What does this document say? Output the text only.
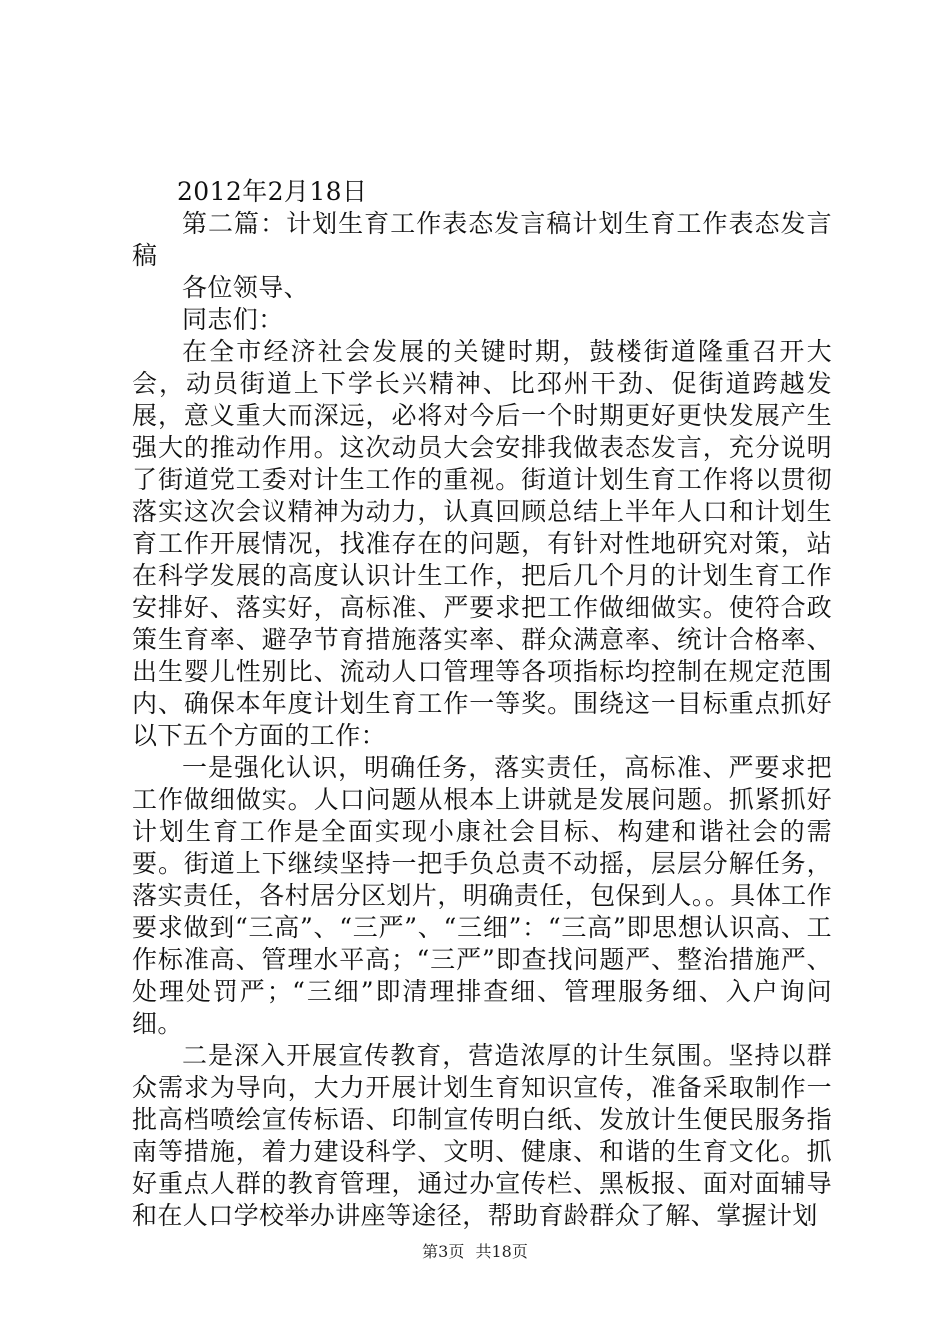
2012年2月18日

第二篇：计划生育工作表态发言稿计划生育工作表态发言稿

各位领导、

同志们：

在全市经济社会发展的关键时期，鼓楼街道隆重召开大会，动员街道上下学长兴精神、比邳州干劲、促街道跨越发展，意义重大而深远，必将对今后一个时期更好更快发展产生强大的推动作用。这次动员大会安排我做表态发言，充分说明了街道党工委对计生工作的重视。街道计划生育工作将以贯彻落实这次会议精神为动力，认真回顾总结上半年人口和计划生育工作开展情况，找准存在的问题，有针对性地研究对策，站在科学发展的高度认识计生工作，把后几个月的计划生育工作安排好、落实好，高标准、严要求把工作做细做实。使符合政策生育率、避孕节育措施落实率、群众满意率、统计合格率、出生婴儿性别比、流动人口管理等各项指标均控制在规定范围内、确保本年度计划生育工作一等奖。围绕这一目标重点抓好以下五个方面的工作：

一是强化认识，明确任务，落实责任，高标准、严要求把工作做细做实。人口问题从根本上讲就是发展问题。抓紧抓好计划生育工作是全面实现小康社会目标、构建和谐社会的需要。街道上下继续坚持一把手负总责不动摇，层层分解任务，落实责任，各村居分区划片，明确责任，包保到人。。具体工作要求做到“三高”、“三严”、“三细”：“三高”即思想认识高、工作标准高、管理水平高；“三严”即查找问题严、整治措施严、处理处罚严；“三细”即清理排查细、管理服务细、入户询问细。

二是深入开展宣传教育，营造浓厚的计生氛围。坚持以群众需求为导向，大力开展计划生育知识宣传，准备采取制作一批高档喷绘宣传标语、印制宣传明白纸、发放计生便民服务指南等措施，着力建设科学、文明、健康、和谐的生育文化。抓好重点人群的教育管理，通过办宣传栏、黑板报、面对面辅导和在人口学校举办讲座等途径，帮助育龄群众了解、掌握计划

第3页 共18页
